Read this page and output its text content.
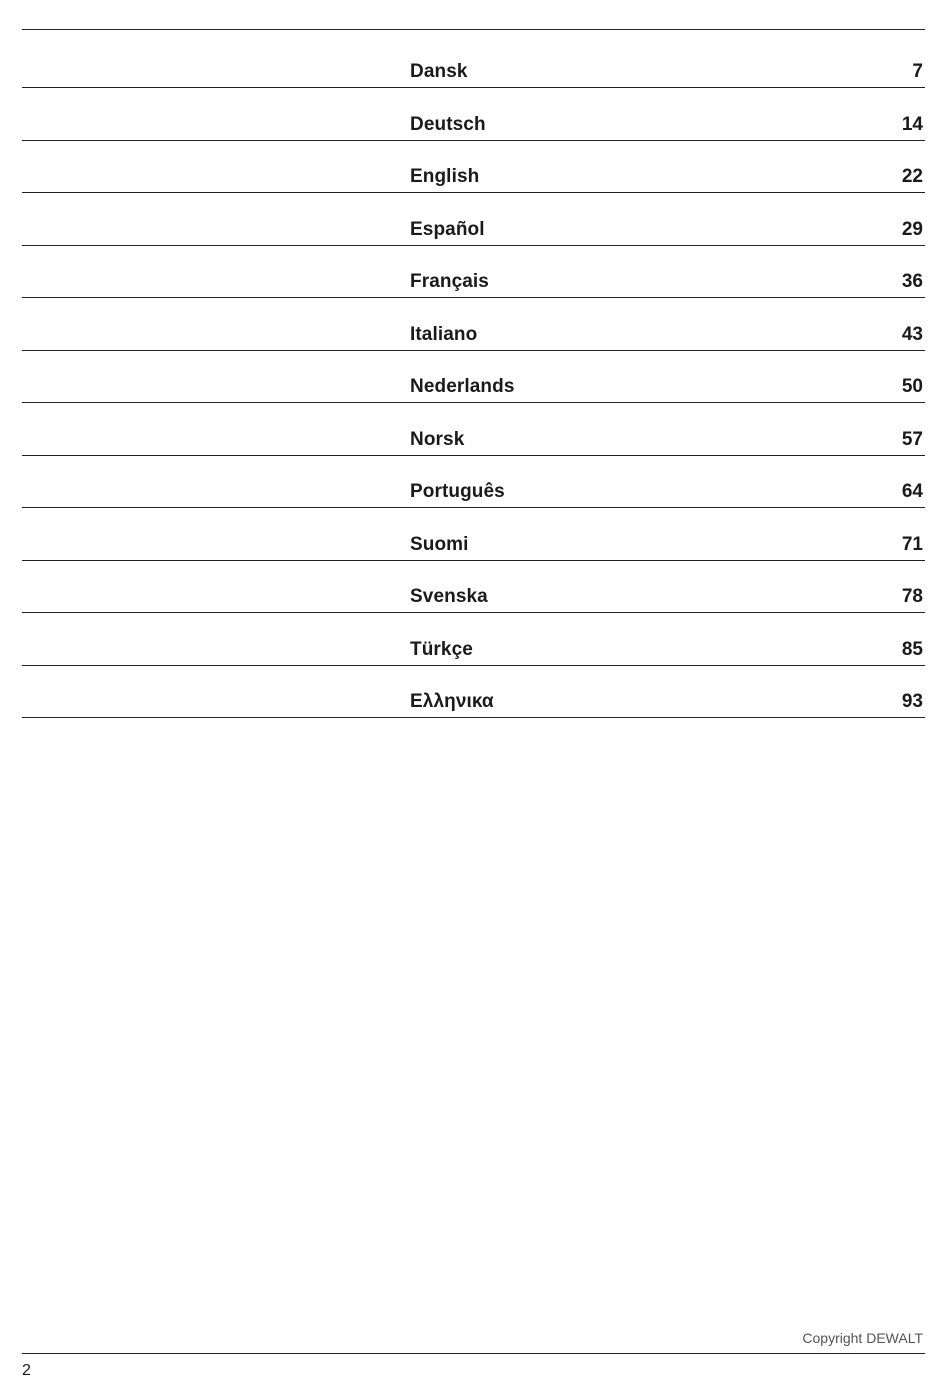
Dansk	7
Deutsch	14
English	22
Español	29
Français	36
Italiano	43
Nederlands	50
Norsk	57
Português	64
Suomi	71
Svenska	78
Türkçe	85
Ελληνικα	93
Copyright DEWALT
2
